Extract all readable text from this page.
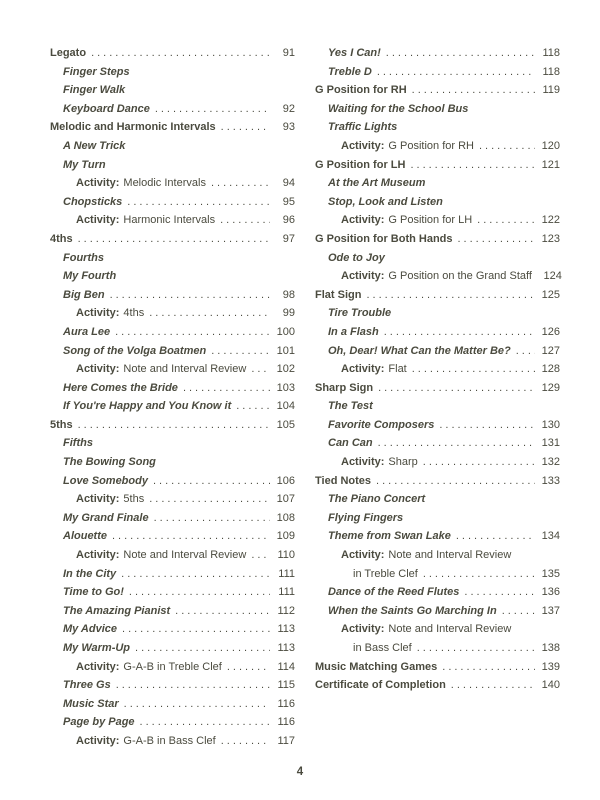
Legato .....	91
Finger Steps
Finger Walk
Keyboard Dance .....	92
Melodic and Harmonic Intervals .....	93
A New Trick
My Turn
Activity: Melodic Intervals .....	94
Chopsticks .....	95
Activity: Harmonic Intervals .....	96
4ths .....	97
Fourths
My Fourth
Big Ben .....	98
Activity: 4ths .....	99
Aura Lee .....	100
Song of the Volga Boatmen .....	101
Activity: Note and Interval Review .....	102
Here Comes the Bride .....	103
If You're Happy and You Know it .....	104
5ths .....	105
Fifths
The Bowing Song
Love Somebody .....	106
Activity: 5ths .....	107
My Grand Finale .....	108
Alouette .....	109
Activity: Note and Interval Review .....	110
In the City .....	111
Time to Go! .....	111
The Amazing Pianist .....	112
My Advice .....	113
My Warm-Up .....	113
Activity: G-A-B in Treble Clef .....	114
Three Gs .....	115
Music Star .....	116
Page by Page .....	116
Activity: G-A-B in Bass Clef .....	117
Yes I Can! .....	118
Treble D .....	118
G Position for RH .....	119
Waiting for the School Bus
Traffic Lights
Activity: G Position for RH .....	120
G Position for LH .....	121
At the Art Museum
Stop, Look and Listen
Activity: G Position for LH .....	122
G Position for Both Hands .....	123
Ode to Joy
Activity: G Position on the Grand Staff	124
Flat Sign .....	125
Tire Trouble
In a Flash .....	126
Oh, Dear! What Can the Matter Be? .....	127
Activity: Flat .....	128
Sharp Sign .....	129
The Test
Favorite Composers .....	130
Can Can .....	131
Activity: Sharp .....	132
Tied Notes .....	133
The Piano Concert
Flying Fingers
Theme from Swan Lake .....	134
Activity: Note and Interval Review
in Treble Clef .....	135
Dance of the Reed Flutes .....	136
When the Saints Go Marching In .....	137
Activity: Note and Interval Review
in Bass Clef .....	138
Music Matching Games .....	139
Certificate of Completion .....	140
4
